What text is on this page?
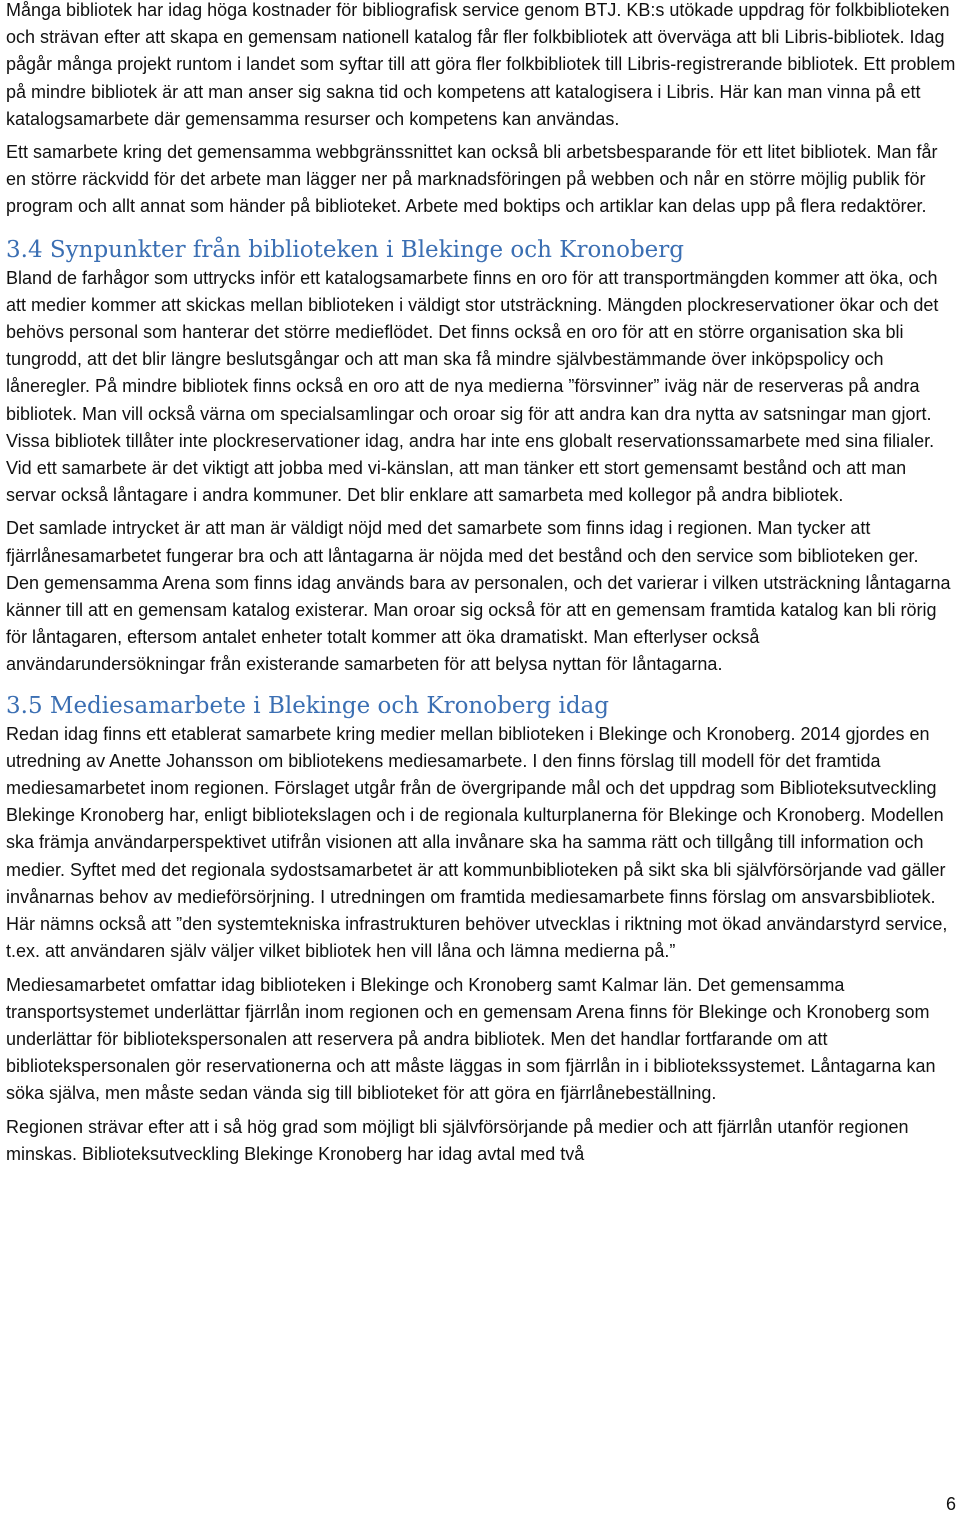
Många bibliotek har idag höga kostnader för bibliografisk service genom BTJ. KB:s utökade uppdrag för folkbiblioteken och strävan efter att skapa en gemensam nationell katalog får fler folkbibliotek att överväga att bli Libris-bibliotek. Idag pågår många projekt runtom i landet som syftar till att göra fler folkbibliotek till Libris-registrerande bibliotek. Ett problem på mindre bibliotek är att man anser sig sakna tid och kompetens att katalogisera i Libris. Här kan man vinna på ett katalogsamarbete där gemensamma resurser och kompetens kan användas.

Ett samarbete kring det gemensamma webbgränssnittet kan också bli arbetsbesparande för ett litet bibliotek. Man får en större räckvidd för det arbete man lägger ner på marknadsföringen på webben och når en större möjlig publik för program och allt annat som händer på biblioteket. Arbete med boktips och artiklar kan delas upp på flera redaktörer.

3.4 Synpunkter från biblioteken i Blekinge och Kronoberg

Bland de farhågor som uttrycks inför ett katalogsamarbete finns en oro för att transportmängden kommer att öka, och att medier kommer att skickas mellan biblioteken i väldigt stor utsträckning. Mängden plockreservationer ökar och det behövs personal som hanterar det större medieflödet. Det finns också en oro för att en större organisation ska bli tungrodd, att det blir längre beslutsgångar och att man ska få mindre självbestämmande över inköpspolicy och låneregler. På mindre bibliotek finns också en oro att de nya medierna ”försvinner” iväg när de reserveras på andra bibliotek. Man vill också värna om specialsamlingar och oroar sig för att andra kan dra nytta av satsningar man gjort. Vissa bibliotek tillåter inte plockreservationer idag, andra har inte ens globalt reservationssamarbete med sina filialer. Vid ett samarbete är det viktigt att jobba med vi-känslan, att man tänker ett stort gemensamt bestånd och att man servar också låntagare i andra kommuner. Det blir enklare att samarbeta med kollegor på andra bibliotek.

Det samlade intrycket är att man är väldigt nöjd med det samarbete som finns idag i regionen. Man tycker att fjärrlånesamarbetet fungerar bra och att låntagarna är nöjda med det bestånd och den service som biblioteken ger. Den gemensamma Arena som finns idag används bara av personalen, och det varierar i vilken utsträckning låntagarna känner till att en gemensam katalog existerar. Man oroar sig också för att en gemensam framtida katalog kan bli rörig för låntagaren, eftersom antalet enheter totalt kommer att öka dramatiskt. Man efterlyser också användarundersökningar från existerande samarbeten för att belysa nyttan för låntagarna.

3.5 Mediesamarbete i Blekinge och Kronoberg idag

Redan idag finns ett etablerat samarbete kring medier mellan biblioteken i Blekinge och Kronoberg. 2014 gjordes en utredning av Anette Johansson om bibliotekens mediesamarbete. I den finns förslag till modell för det framtida mediesamarbetet inom regionen. Förslaget utgår från de övergripande mål och det uppdrag som Biblioteksutveckling Blekinge Kronoberg har, enligt bibliotekslagen och i de regionala kulturplanerna för Blekinge och Kronoberg. Modellen ska främja användarperspektivet utifrån visionen att alla invånare ska ha samma rätt och tillgång till information och medier. Syftet med det regionala sydostsamarbetet är att kommunbiblioteken på sikt ska bli självförsörjande vad gäller invånarnas behov av medieförsörjning. I utredningen om framtida mediesamarbete finns förslag om ansvarsbibliotek. Här nämns också att ”den systemtekniska infrastrukturen behöver utvecklas i riktning mot ökad användarstyrd service, t.ex. att användaren själv väljer vilket bibliotek hen vill låna och lämna medierna på.”

Mediesamarbetet omfattar idag biblioteken i Blekinge och Kronoberg samt Kalmar län. Det gemensamma transportsystemet underlättar fjärrlån inom regionen och en gemensam Arena finns för Blekinge och Kronoberg som underlättar för bibliotekspersonalen att reservera på andra bibliotek. Men det handlar fortfarande om att bibliotekspersonalen gör reservationerna och att måste läggas in som fjärrlån in i bibliotekssystemet. Låntagarna kan söka själva, men måste sedan vända sig till biblioteket för att göra en fjärrlånebeställning.

Regionen strävar efter att i så hög grad som möjligt bli självförsörjande på medier och att fjärrlån utanför regionen minskas. Biblioteksutveckling Blekinge Kronoberg har idag avtal med två

6
